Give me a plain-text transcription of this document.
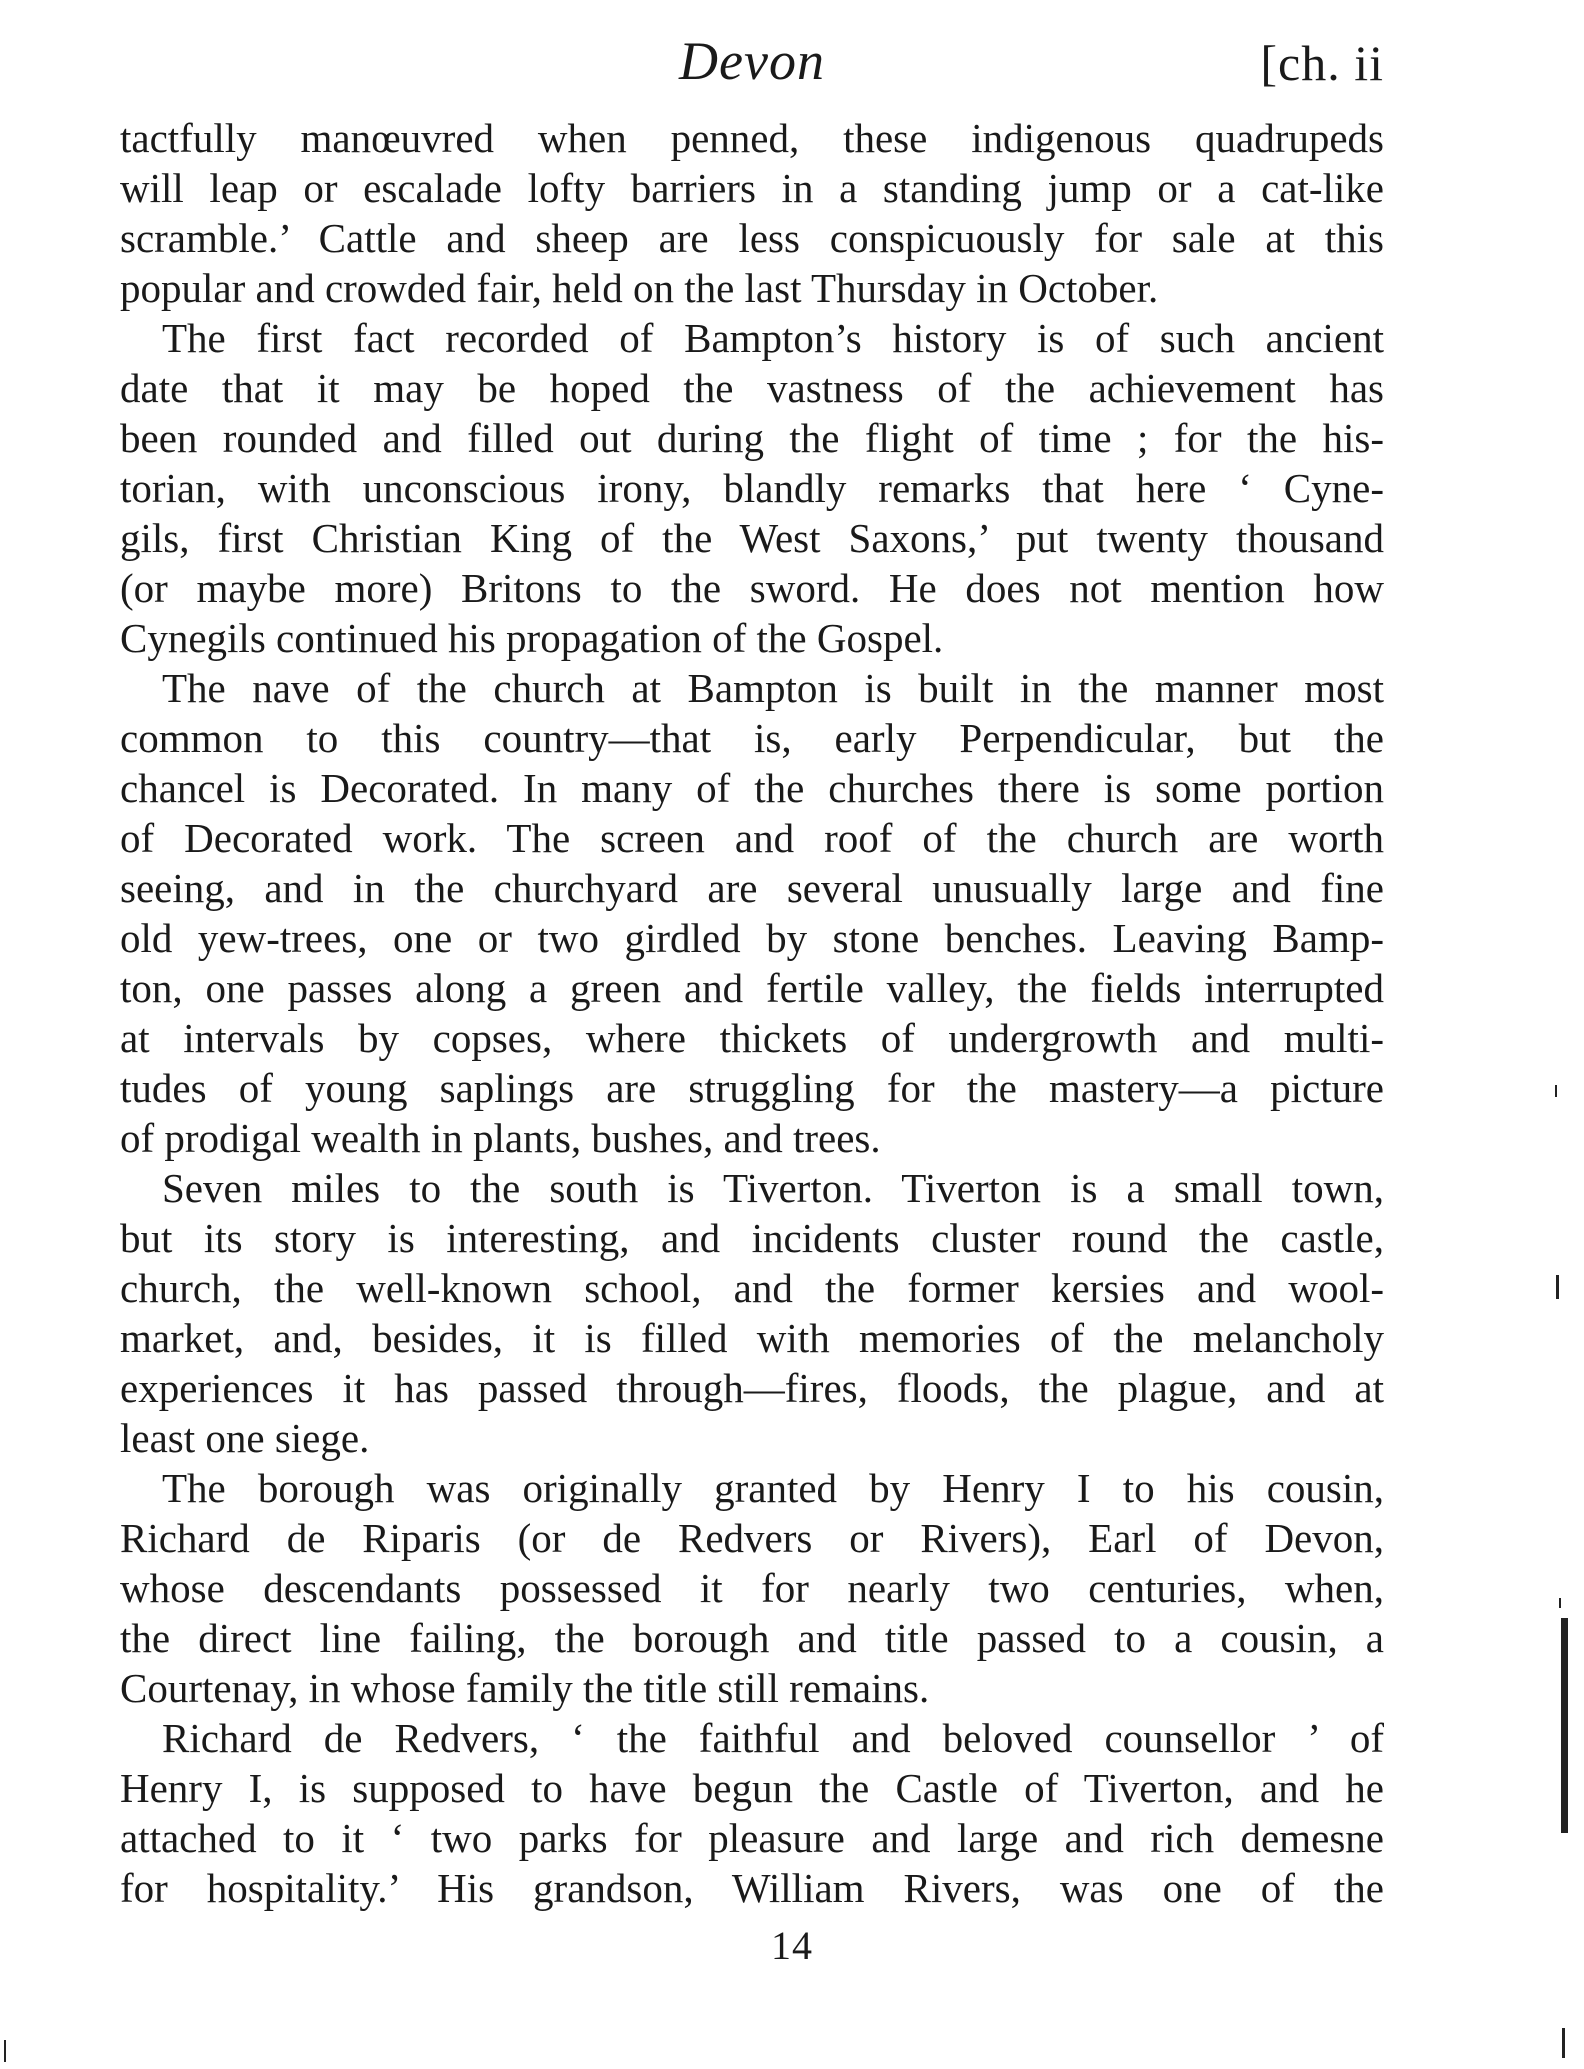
Devon	[ch. ii
tactfully manœuvred when penned, these indigenous quadrupeds
will leap or escalade lofty barriers in a standing jump or a cat-like
scramble.’ Cattle and sheep are less conspicuously for sale at this
popular and crowded fair, held on the last Thursday in October.
The first fact recorded of Bampton’s history is of such ancient
date that it may be hoped the vastness of the achievement has
been rounded and filled out during the flight of time ; for the his-
torian, with unconscious irony, blandly remarks that here ‘ Cyne-
gils, first Christian King of the West Saxons,’ put twenty thousand
(or maybe more) Britons to the sword. He does not mention how
Cynegils continued his propagation of the Gospel.
The nave of the church at Bampton is built in the manner most
common to this country—that is, early Perpendicular, but the
chancel is Decorated. In many of the churches there is some portion
of Decorated work. The screen and roof of the church are worth
seeing, and in the churchyard are several unusually large and fine
old yew-trees, one or two girdled by stone benches. Leaving Bamp-
ton, one passes along a green and fertile valley, the fields interrupted
at intervals by copses, where thickets of undergrowth and multi-
tudes of young saplings are struggling for the mastery—a picture
of prodigal wealth in plants, bushes, and trees.
Seven miles to the south is Tiverton. Tiverton is a small town,
but its story is interesting, and incidents cluster round the castle,
church, the well-known school, and the former kersies and wool-
market, and, besides, it is filled with memories of the melancholy
experiences it has passed through—fires, floods, the plague, and at
least one siege.
The borough was originally granted by Henry I to his cousin,
Richard de Riparis (or de Redvers or Rivers), Earl of Devon,
whose descendants possessed it for nearly two centuries, when,
the direct line failing, the borough and title passed to a cousin, a
Courtenay, in whose family the title still remains.
Richard de Redvers, ‘ the faithful and beloved counsellor ’ of
Henry I, is supposed to have begun the Castle of Tiverton, and he
attached to it ‘ two parks for pleasure and large and rich demesne
for hospitality.’ His grandson, William Rivers, was one of the
14
